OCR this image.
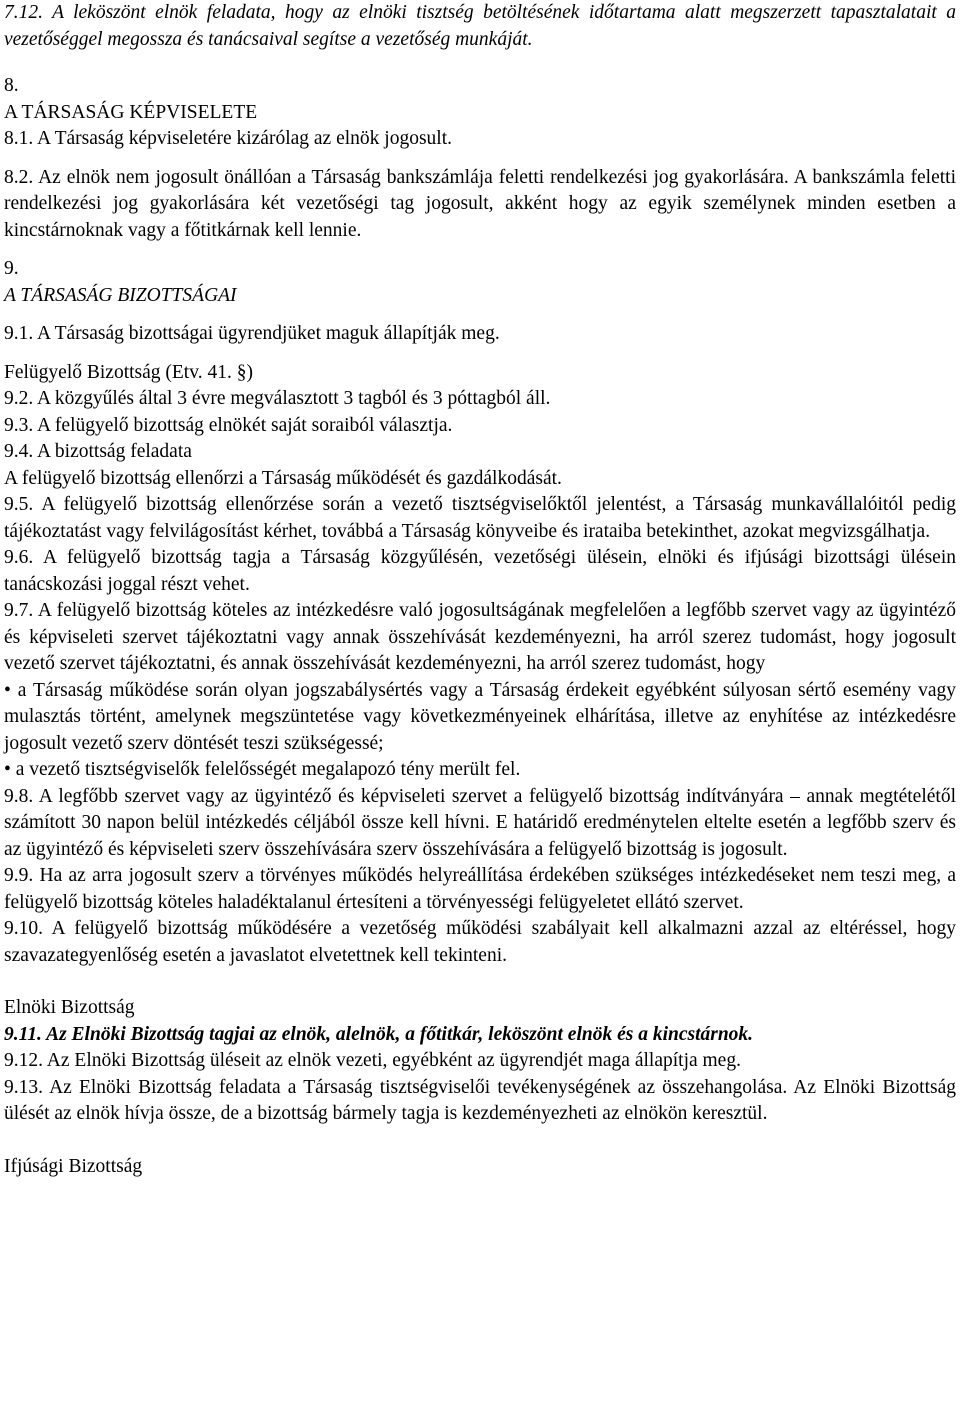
7.12. A leköszönt elnök feladata, hogy az elnöki tisztség betöltésének időtartama alatt megszerzett tapasztalatait a vezetőséggel megossza és tanácsaival segítse a vezetőség munkáját.

8.

A TÁRSASÁG KÉPVISELETE

8.1. A Társaság képviseletére kizárólag az elnök jogosult.

8.2. Az elnök nem jogosult önállóan a Társaság bankszámlája feletti rendelkezési jog gyakorlására. A bankszámla feletti rendelkezési jog gyakorlására két vezetőségi tag jogosult, akként hogy az egyik személynek minden esetben a kincstárnoknak vagy a főtitkárnak kell lennie.

9.

A TÁRSASÁG BIZOTTSÁGAI

9.1. A Társaság bizottságai ügyrendjüket maguk állapítják meg.

Felügyelő Bizottság (Etv. 41. §)

9.2. A közgyűlés által 3 évre megválasztott 3 tagból és 3 póttagból áll.

9.3. A felügyelő bizottság elnökét saját soraiból választja.

9.4. A bizottság feladata

A felügyelő bizottság ellenőrzi a Társaság működését és gazdálkodását.

9.5. A felügyelő bizottság ellenőrzése során a vezető tisztségviselőktől jelentést, a Társaság munkavállalóitól pedig tájékoztatást vagy felvilágosítást kérhet, továbbá a Társaság könyveibe és irataiba betekinthet, azokat megvizsgálhatja.

9.6. A felügyelő bizottság tagja a Társaság közgyűlésén, vezetőségi ülésein, elnöki és ifjúsági bizottsági ülésein tanácskozási joggal részt vehet.

9.7. A felügyelő bizottság köteles az intézkedésre való jogosultságának megfelelően a legfőbb szervet vagy az ügyintéző és képviseleti szervet tájékoztatni vagy annak összehívását kezdeményezni, ha arról szerez tudomást, hogy jogosult vezető szervet tájékoztatni, és annak összehívását kezdeményezni, ha arról szerez tudomást, hogy

• a Társaság működése során olyan jogszabálysértés vagy a Társaság érdekeit egyébként súlyosan sértő esemény vagy mulasztás történt, amelynek megszüntetése vagy következményeinek elhárítása, illetve az enyhítése az intézkedésre jogosult vezető szerv döntését teszi szükségessé;

• a vezető tisztségviselők felelősségét megalapozó tény merült fel.

9.8. A legfőbb szervet vagy az ügyintéző és képviseleti szervet a felügyelő bizottság indítványára – annak megtételétől számított 30 napon belül intézkedés céljából össze kell hívni. E határidő eredménytelen eltelte esetén a legfőbb szerv és az ügyintéző és képviseleti szerv összehívására szerv összehívására a felügyelő bizottság is jogosult.

9.9. Ha az arra jogosult szerv a törvényes működés helyreállítása érdekében szükséges intézkedéseket nem teszi meg, a felügyelő bizottság köteles haladéktalanul értesíteni a törvényességi felügyeletet ellátó szervet.

9.10. A felügyelő bizottság működésére a vezetőség működési szabályait kell alkalmazni azzal az eltéréssel, hogy szavazategyenlőség esetén a javaslatot elvetettnek kell tekinteni.

Elnöki Bizottság

9.11. Az Elnöki Bizottság tagjai az elnök, alelnök, a főtitkár, leköszönt elnök és a kincstárnok.

9.12. Az Elnöki Bizottság üléseit az elnök vezeti, egyébként az ügyrendjét maga állapítja meg.

9.13. Az Elnöki Bizottság feladata a Társaság tisztségviselői tevékenységének az összehangolása. Az Elnöki Bizottság ülését az elnök hívja össze, de a bizottság bármely tagja is kezdeményezheti az elnökön keresztül.

Ifjúsági Bizottság
